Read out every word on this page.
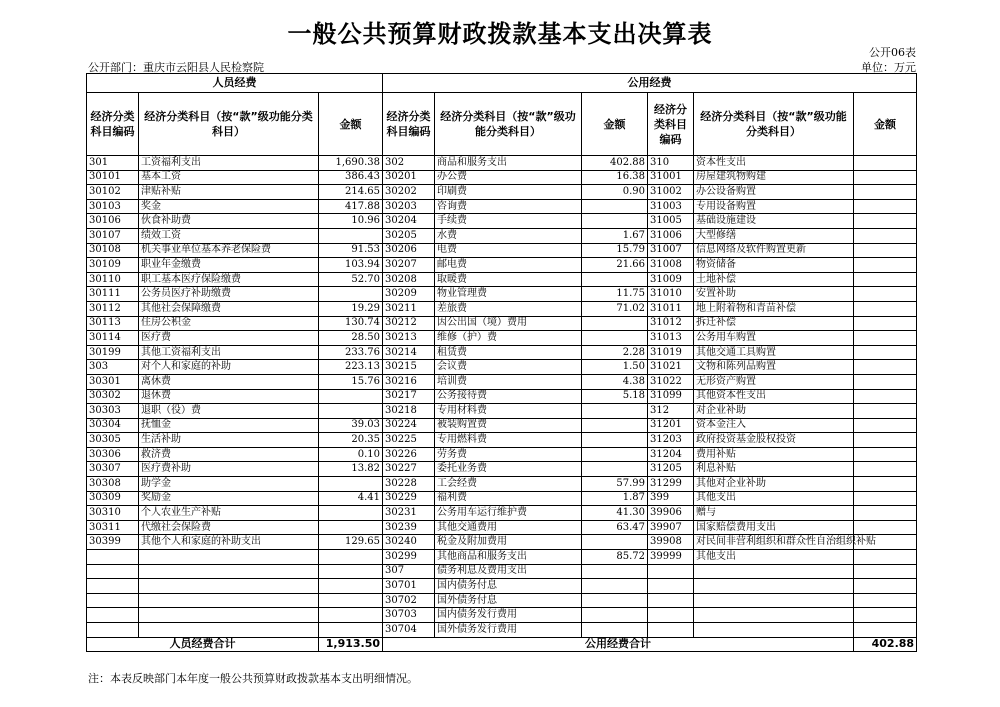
一般公共预算财政拨款基本支出决算表
公开06表
公开部门：重庆市云阳县人民检察院	单位：万元
人员经费			公用经费					
经济分类科目编码	经济分类科目（按“款”级功能分类科目）	金额	经济分类科目编码	经济分类科目（按“款”级功能分类科目）	金额	经济分类科目编码	经济分类科目（按“款”级功能分类科目）	金额
301	工资福利支出	1,690.38	302	商品和服务支出	402.88	310	资本性支出	
30101	基本工资	386.43	30201	办公费	16.38	31001	房屋建筑物购建	
30102	津贴补贴	214.65	30202	印刷费	0.90	31002	办公设备购置	
30103	奖金	417.88	30203	咨询费		31003	专用设备购置	
30106	伙食补助费	10.96	30204	手续费		31005	基础设施建设	
30107	绩效工资		30205	水费	1.67	31006	大型修缮	
30108	机关事业单位基本养老保险费	91.53	30206	电费	15.79	31007	信息网络及软件购置更新	
30109	职业年金缴费	103.94	30207	邮电费	21.66	31008	物资储备	
30110	职工基本医疗保险缴费	52.70	30208	取暖费		31009	土地补偿	
30111	公务员医疗补助缴费		30209	物业管理费	11.75	31010	安置补助	
30112	其他社会保障缴费	19.29	30211	差旅费	71.02	31011	地上附着物和青苗补偿	
30113	住房公积金	130.74	30212	因公出国（境）费用		31012	拆迁补偿	
30114	医疗费	28.50	30213	维修（护）费		31013	公务用车购置	
30199	其他工资福利支出	233.76	30214	租赁费	2.28	31019	其他交通工具购置	
303	对个人和家庭的补助	223.13	30215	会议费	1.50	31021	文物和陈列品购置	
30301	离休费	15.76	30216	培训费	4.38	31022	无形资产购置	
30302	退休费		30217	公务接待费	5.18	31099	其他资本性支出	
30303	退职（役）费		30218	专用材料费		312	对企业补助	
30304	抚恤金	39.03	30224	被装购置费		31201	资本金注入	
30305	生活补助	20.35	30225	专用燃料费		31203	政府投资基金股权投资	
30306	救济费	0.10	30226	劳务费		31204	费用补贴	
30307	医疗费补助	13.82	30227	委托业务费		31205	利息补贴	
30308	助学金		30228	工会经费	57.99	31299	其他对企业补助	
30309	奖励金	4.41	30229	福利费	1.87	399	其他支出	
30310	个人农业生产补贴		30231	公务用车运行维护费	41.30	39906	赠与	
30311	代缴社会保险费		30239	其他交通费用	63.47	39907	国家赔偿费用支出	
30399	其他个人和家庭的补助支出	129.65	30240	税金及附加费用		39908	对民间非营利组织和群众性自治组织补贴	
			30299	其他商品和服务支出	85.72	39999	其他支出	
			307	债务利息及费用支出				
			30701	国内债务付息				
			30702	国外债务付息				
			30703	国内债务发行费用				
			30704	国外债务发行费用				
人员经费合计		1,913.50	公用经费合计					402.88
注：本表反映部门本年度一般公共预算财政拨款基本支出明细情况。
